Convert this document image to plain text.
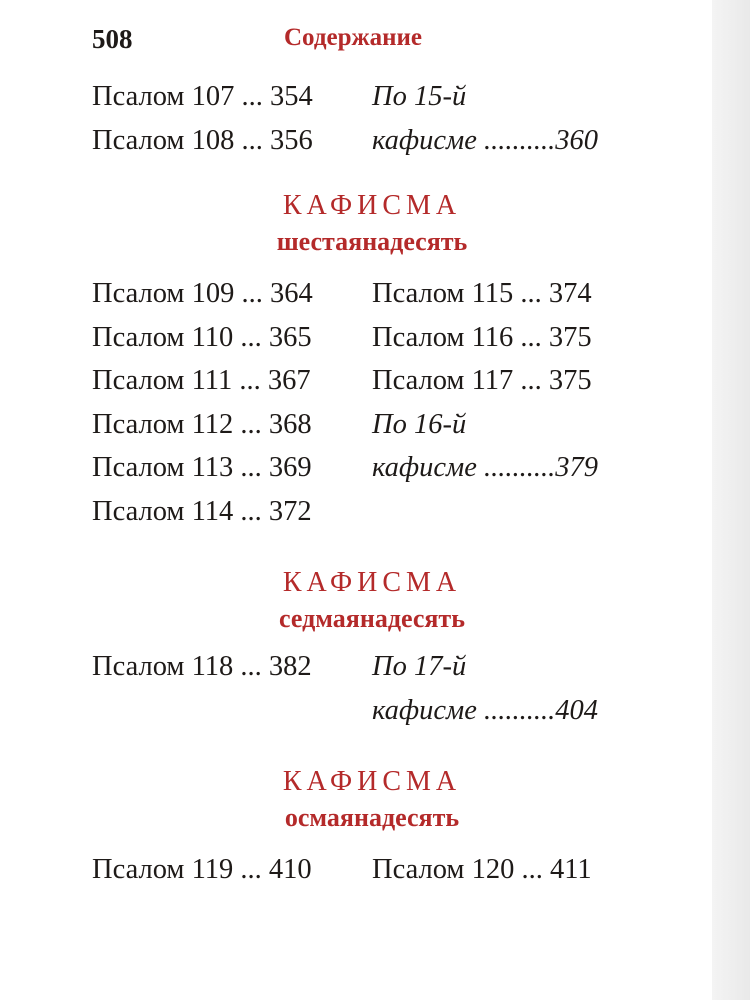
508	Содержание
Псалом 107 ... 354
Псалом 108 ... 356
По 15-й
кафисме ..........360
КАФИСМА
шестаянадесять
Псалом 109 ... 364
Псалом 110 ... 365
Псалом 111 ... 367
Псалом 112 ... 368
Псалом 113 ... 369
Псалом 114 ... 372
Псалом 115 ... 374
Псалом 116 ... 375
Псалом 117 ... 375
По 16-й
кафисме ..........379
КАФИСМА
седмаянадесять
Псалом 118 ... 382	По 17-й
кафисме ..........404
КАФИСМА
осмаянадесять
Псалом 119 ... 410	Псалом 120 ... 411
